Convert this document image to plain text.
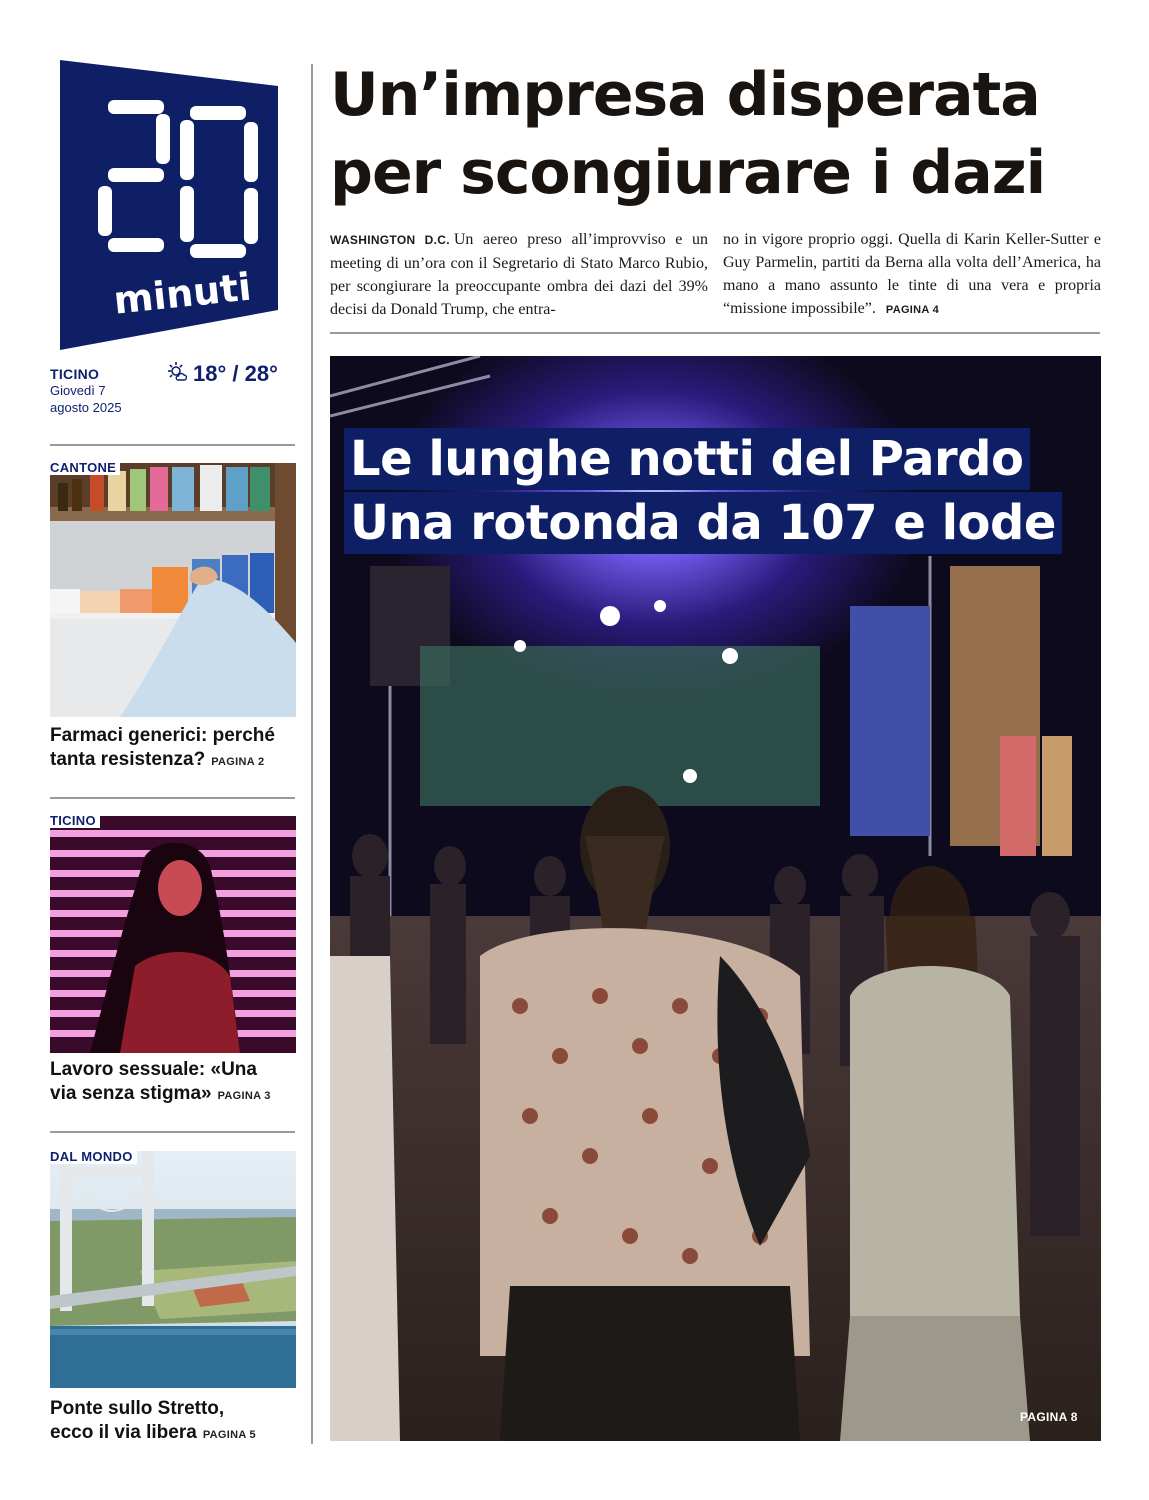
minuti
TICINO
Giovedì 7
agosto 2025
18° / 28°
CANTONE
Farmaci generici: perché
tanta resistenza? PAGINA 2
TICINO
Lavoro sessuale: «Una
via senza stigma» PAGINA 3
DAL MONDO
Ponte sullo Stretto,
ecco il via libera PAGINA 5
Un’impresa disperata
per scongiurare i dazi
WASHINGTON D.C. Un aereo preso all’improvviso e un meeting di un’ora con il Segretario di Stato Marco Rubio, per scongiurare la preoccupante ombra dei dazi del 39% decisi da Donald Trump, che entra-
no in vigore proprio oggi. Quella di Karin Keller-Sutter e Guy Parmelin, partiti da Berna alla volta dell’America, ha mano a mano assunto le tinte di una vera e propria “missione impossibile”. PAGINA 4
Le lunghe notti del Pardo
Una rotonda da 107 e lode
LOCARNO FILM FESTIVAL
PAGINA 8
